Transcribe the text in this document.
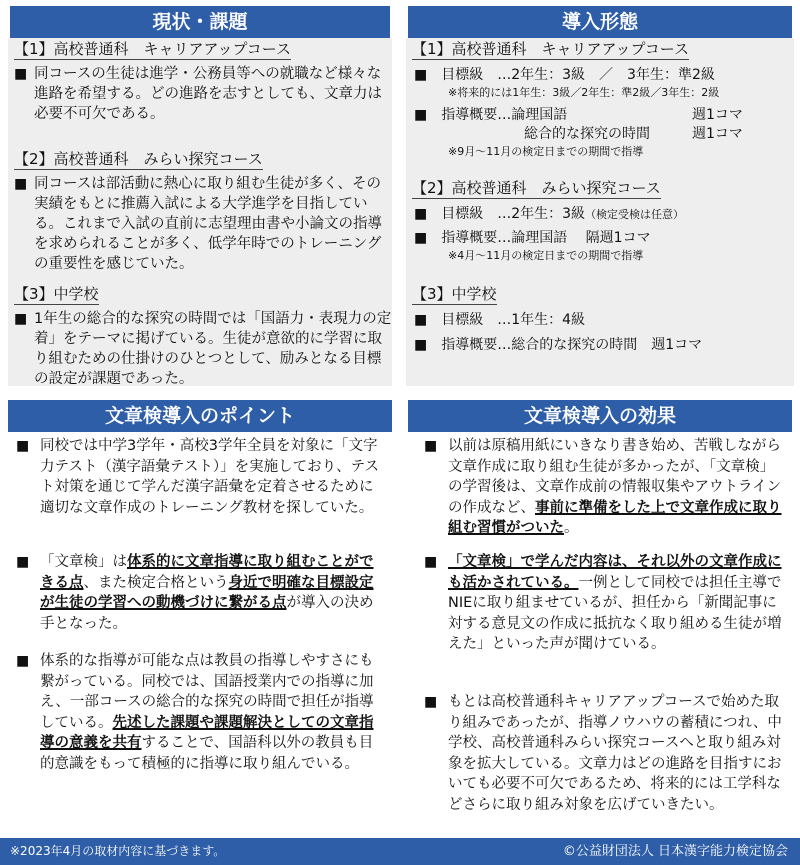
現状・課題
【1】高校普通科　キャリアアップコース
■ 同コースの生徒は進学・公務員等への就職など様々な進路を希望する。どの進路を志すとしても、文章力は必要不可欠である。
【2】高校普通科　みらい探究コース
■ 同コースは部活動に熱心に取り組む生徒が多く、その実績をもとに推薦入試による大学進学を目指している。これまで入試の直前に志望理由書や小論文の指導を求められることが多く、低学年時でのトレーニングの重要性を感じていた。
【3】中学校
■ 1年生の総合的な探究の時間では「国語力・表現力の定着」をテーマに掲げている。生徒が意欲的に学習に取り組むための仕掛けのひとつとして、励みとなる目標の設定が課題であった。
導入形態
【1】高校普通科　キャリアアップコース
■　 目標級　…2年生：3級　／　3年生：準2級
※将来的には1年生：3級／2年生：準2級／3年生：2級
■　 指導概要…論理国語	週1コマ
総合的な探究の時間	週1コマ
※9月～11月の検定日までの期間で指導
【2】高校普通科　みらい探究コース
■　 目標級　…2年生：3級（検定受検は任意）
■　 指導概要…論理国語　 隔週1コマ
※4月～11月の検定日までの期間で指導
【3】中学校
■　 目標級　…1年生：4級
■　 指導概要…総合的な探究の時間　週1コマ
文章検導入のポイント
■ 同校では中学3学年・高校3学年全員を対象に「文字力テスト（漢字語彙テスト）」を実施しており、テスト対策を通じて学んだ漢字語彙を定着させるために適切な文章作成のトレーニング教材を探していた。
■ 「文章検」は体系的に文章指導に取り組むことができる点、また検定合格という身近で明確な目標設定が生徒の学習への動機づけに繋がる点が導入の決め手となった。
■ 体系的な指導が可能な点は教員の指導しやすさにも繋がっている。同校では、国語授業内での指導に加え、一部コースの総合的な探究の時間で担任が指導している。先述した課題や課題解決としての文章指導の意義を共有することで、国語科以外の教員も目的意識をもって積極的に指導に取り組んでいる。
文章検導入の効果
■ 以前は原稿用紙にいきなり書き始め、苦戦しながら文章作成に取り組む生徒が多かったが、「文章検」の学習後は、文章作成前の情報収集やアウトラインの作成など、事前に準備をした上で文章作成に取り組む習慣がついた。
■ 「文章検」で学んだ内容は、それ以外の文章作成にも活かされている。一例として同校では担任主導でNIEに取り組ませているが、担任から「新聞記事に対する意見文の作成に抵抗なく取り組める生徒が増えた」といった声が聞けている。
■ もとは高校普通科キャリアアップコースで始めた取り組みであったが、指導ノウハウの蓄積につれ、中学校、高校普通科みらい探究コースへと取り組み対象を拡大している。文章力はどの進路を目指すにおいても必要不可欠であるため、将来的には工学科などさらに取り組み対象を広げていきたい。
※2023年4月の取材内容に基づきます。	©公益財団法人 日本漢字能力検定協会
